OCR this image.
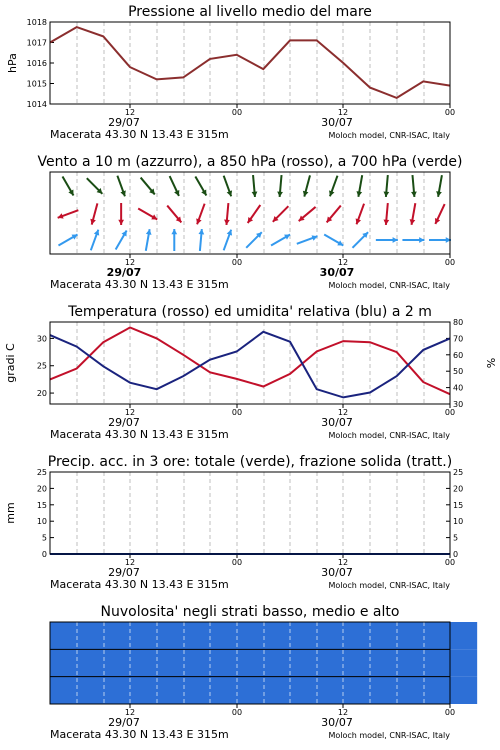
Pressione al livello medio del mare
12	00	12	00
29/07	30/07
Macerata 43.30 N 13.43 E 315m	Moloch model, CNR-ISAC, Italy
1014
1015
1016
1017
1018
hPa
Vento a 10 m (azzurro), a 850 hPa (rosso), a 700 hPa (verde)
12	00	12	00
29/07	30/07
Macerata 43.30 N 13.43 E 315m	Moloch model, CNR-ISAC, Italy
Temperatura (rosso) ed umidita' relativa (blu) a 2 m
12	00	12	00
29/07	30/07
Macerata 43.30 N 13.43 E 315m	Moloch model, CNR-ISAC, Italy
20
25
30
30
40
50
60
70
80
gradi C	%
Precip. acc. in 3 ore: totale (verde), frazione solida (tratt.)
12	00	12	00
29/07	30/07
Macerata 43.30 N 13.43 E 315m	Moloch model, CNR-ISAC, Italy
0
5
10
15
20
25
0
5
10
15
20
25
mm
Nuvolosita' negli strati basso, medio e alto
12	00	12	00
29/07	30/07
Macerata 43.30 N 13.43 E 315m	Moloch model, CNR-ISAC, Italy
